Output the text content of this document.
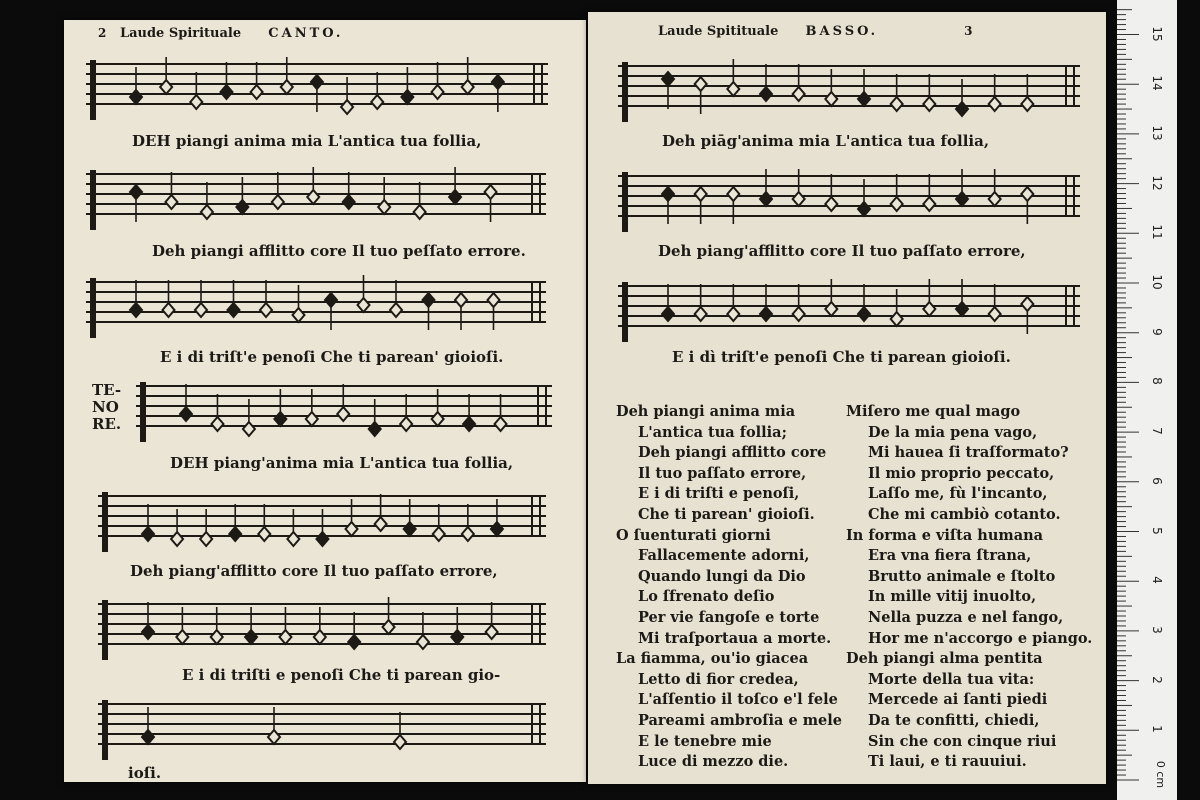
2 Laude Spirituale CANTO.
DEH piangi anima mia L'antica tua follia,
Deh piangi afflitto core Il tuo peſſato errore.
E i di triſt'e penoſi Che ti parean' gioioſi.
TE-
NO
RE.
DEH piang'anima mia L'antica tua follia,
Deh piang'afflitto core Il tuo paſſato errore,
E i di triſti e penoſi Che ti parean gio-
ioſi.
Laude Spitituale BASSO.	3
Deh piāg'anima mia L'antica tua follia,
Deh piang'afflitto core Il tuo paſſato errore,
E i dì triſt'e penoſi Che ti parean gioioſi.
Deh piangi anima mia
L'antica tua follia;
Deh piangi afflitto core
Il tuo paſſato errore,
E i di triſti e penoſi,
Che ti parean' gioioſi.
O ſuenturati giorni
Fallacemente adorni,
Quando lungi da Dio
Lo ſfrenato deſio
Per vie fangoſe e torte
Mi traſportaua a morte.
La fiamma, ou'io giacea
Letto di fior credea,
L'aſſentio il toſco e'l fele
Pareami ambroſia e mele
E le tenebre mie
Luce di mezzo die.
Miſero me qual mago
De la mia pena vago,
Mi haueа ſi traſformato?
Il mio proprio peccato,
Laſſo me, fù l'incanto,
Che mi cambiò cotanto.
In forma e viſta humana
Era vna fiera ſtrana,
Brutto animale e ſtolto
In mille vitij inuolto,
Nella puzza e nel fango,
Hor me n'accorgo e piango.
Deh piangi alma pentita
Morte della tua vita:
Mercede ai ſanti piedi
Da te confitti, chiedi,
Sin che con cinque riui
Ti laui, e ti rauuiui.
1
2
3
4
5
6
7
8
9
10
11
12
13
14
15
0 cm
